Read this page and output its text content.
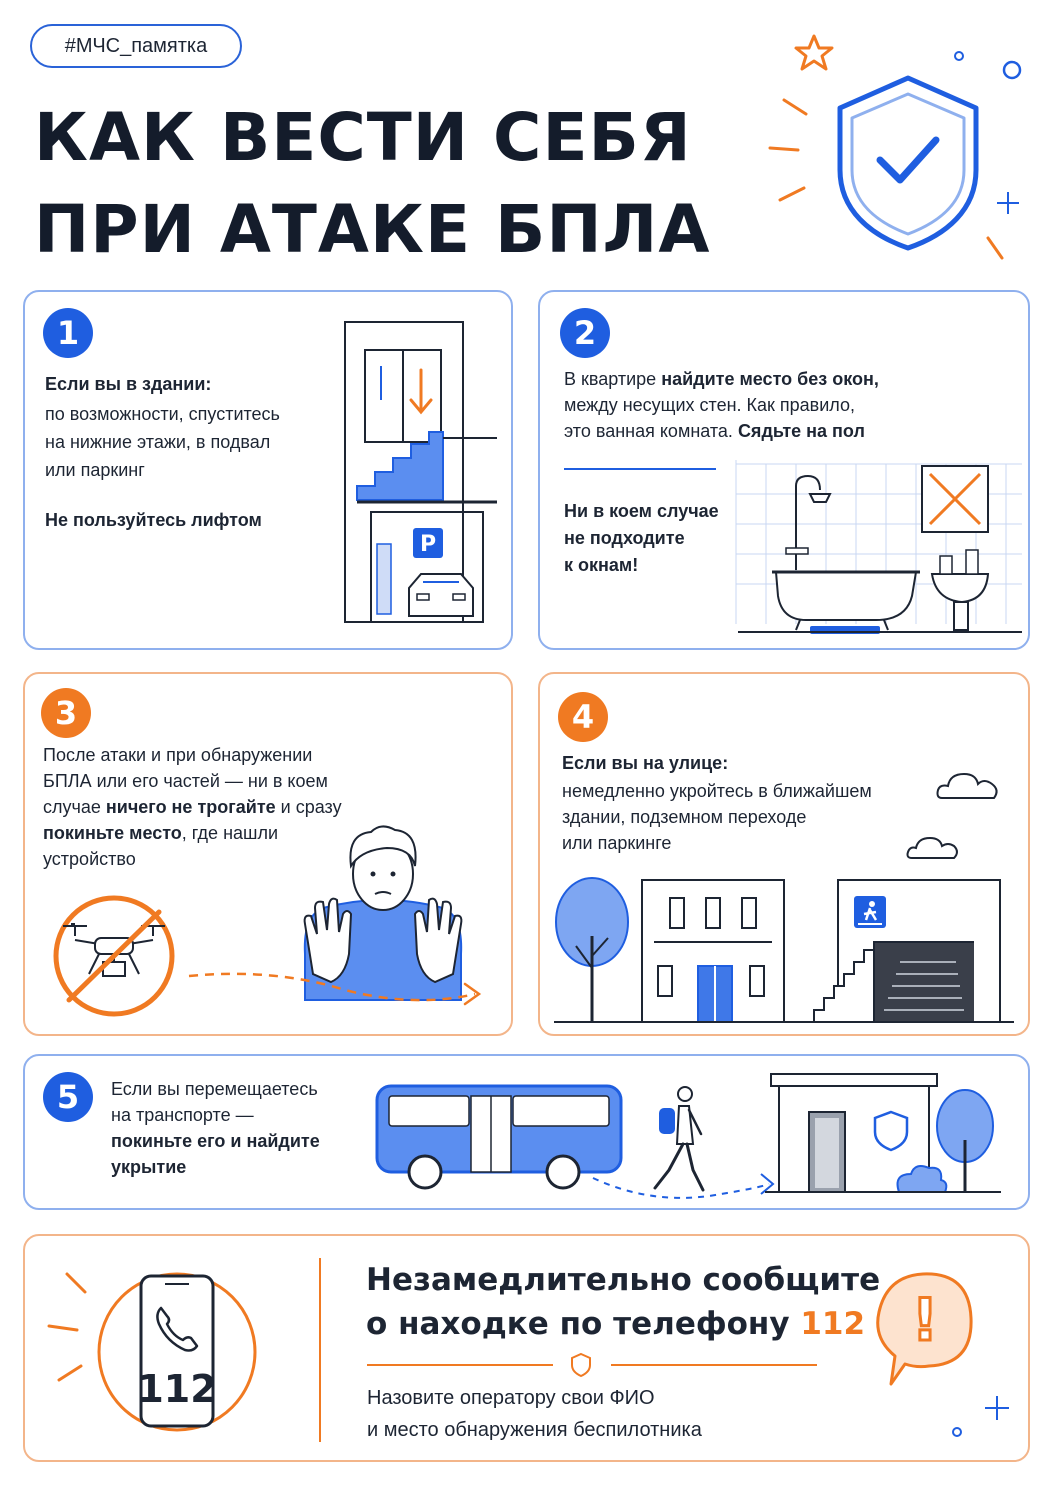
#МЧС_памятка
КАК ВЕСТИ СЕБЯ
ПРИ АТАКЕ БПЛА
1
Если вы в здании:
по возможности, спуститесь
на нижние этажи, в подвал
или паркинг
Не пользуйтесь лифтом
P
2
В квартире найдите место без окон,
между несущих стен. Как правило,
это ванная комната. Сядьте на пол
Ни в коем случае
не подходите
к окнам!
3
После атаки и при обнаружении
БПЛА или его частей — ни в коем
случае ничего не трогайте и сразу
покиньте место, где нашли
устройство
4
Если вы на улице:
немедленно укройтесь в ближайшем
здании, подземном переходе
или паркинге
5	Если вы перемещаетесь
на транспорте —
покиньте его и найдите
укрытие
112
!
Назовите оператору свои ФИО
и место обнаружения беспилотника
Незамедлительно сообщите
о находке по телефону 112
